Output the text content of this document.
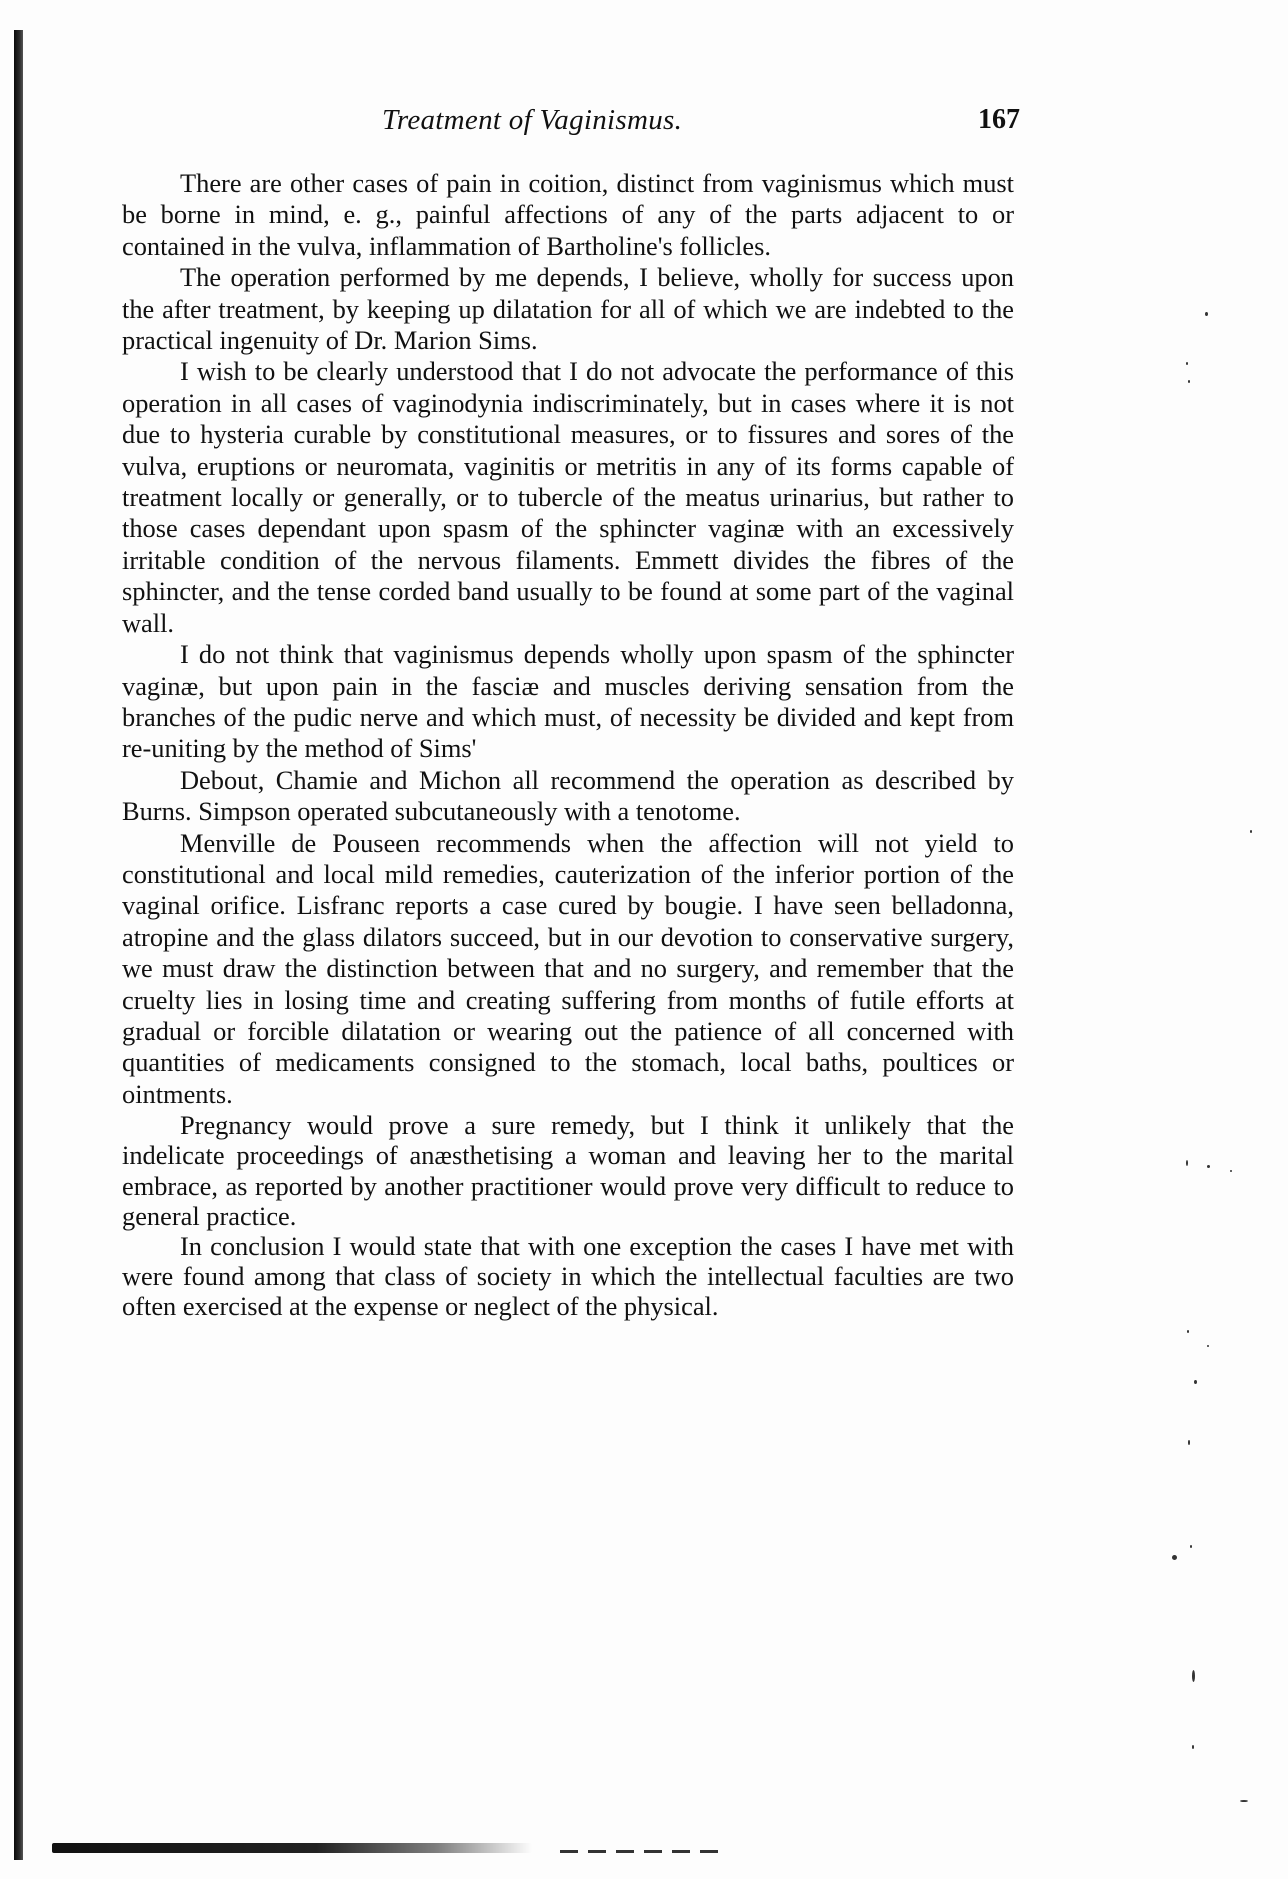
Treatment of Vaginismus.	167

There are other cases of pain in coition, distinct from vaginismus which must be borne in mind, e. g., painful affections of any of the parts adjacent to or contained in the vulva, inflammation of Bartholine's follicles.

The operation performed by me depends, I believe, wholly for success upon the after treatment, by keeping up dilatation for all of which we are indebted to the practical ingenuity of Dr. Marion Sims.

I wish to be clearly understood that I do not advocate the performance of this operation in all cases of vaginodynia indiscriminately, but in cases where it is not due to hysteria curable by constitutional measures, or to fissures and sores of the vulva, eruptions or neuromata, vaginitis or metritis in any of its forms capable of treatment locally or generally, or to tubercle of the meatus urinarius, but rather to those cases dependant upon spasm of the sphincter vaginæ with an excessively irritable condition of the nervous filaments. Emmett divides the fibres of the sphincter, and the tense corded band usually to be found at some part of the vaginal wall.

I do not think that vaginismus depends wholly upon spasm of the sphincter vaginæ, but upon pain in the fasciæ and muscles deriving sensation from the branches of the pudic nerve and which must, of necessity be divided and kept from re-uniting by the method of Sims'

Debout, Chamie and Michon all recommend the operation as described by Burns. Simpson operated subcutaneously with a tenotome.

Menville de Pouseen recommends when the affection will not yield to constitutional and local mild remedies, cauterization of the inferior portion of the vaginal orifice. Lisfranc reports a case cured by bougie. I have seen belladonna, atropine and the glass dilators succeed, but in our devotion to conservative surgery, we must draw the distinction between that and no surgery, and remember that the cruelty lies in losing time and creating suffering from months of futile efforts at gradual or forcible dilatation or wearing out the patience of all concerned with quantities of medicaments consigned to the stomach, local baths, poultices or ointments.

Pregnancy would prove a sure remedy, but I think it unlikely that the indelicate proceedings of anæsthetising a woman and leaving her to the marital embrace, as reported by another practitioner would prove very difficult to reduce to general practice.

In conclusion I would state that with one exception the cases I have met with were found among that class of society in which the intellectual faculties are two often exercised at the expense or neglect of the physical.
